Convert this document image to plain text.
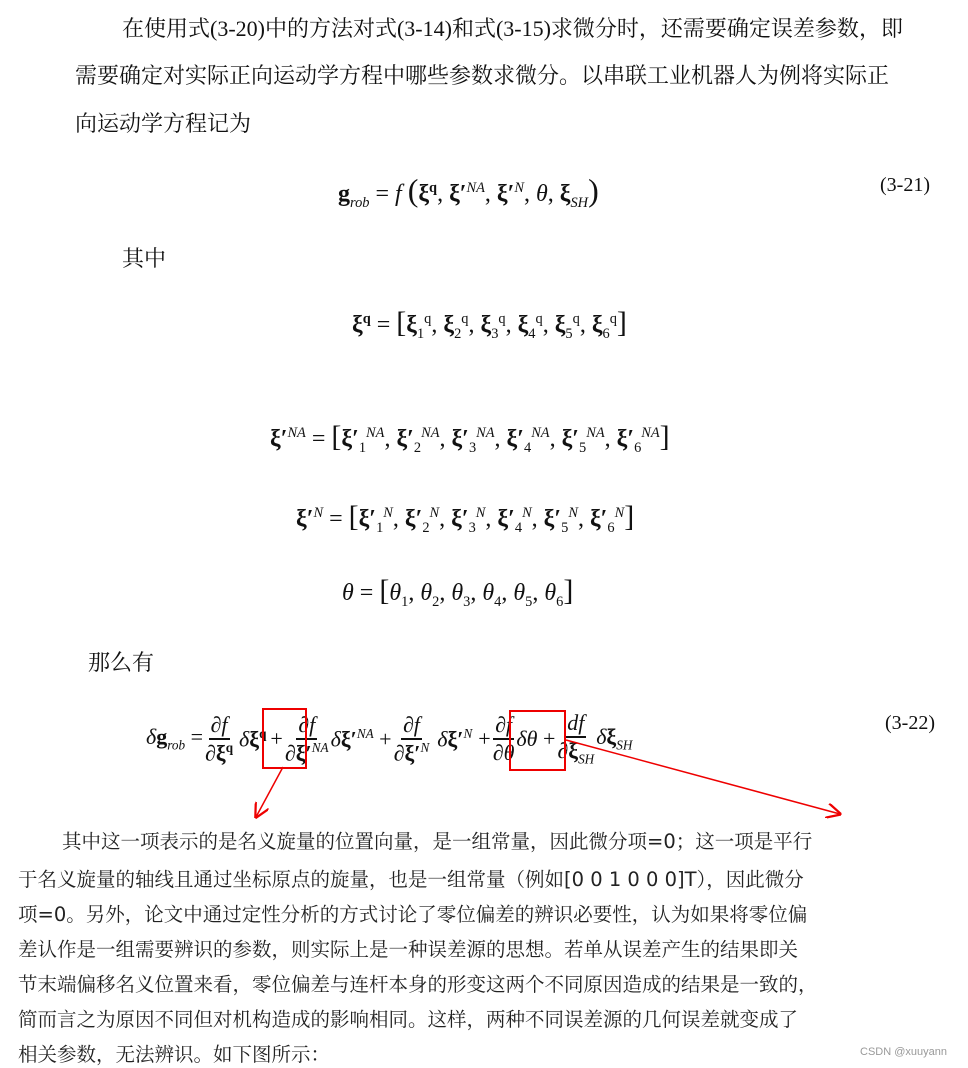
在使用式(3-20)中的方法对式(3-14)和式(3-15)求微分时，还需要确定误差参数，即
需要确定对实际正向运动学方程中哪些参数求微分。以串联工业机器人为例将实际正
向运动学方程记为
$g_{rob} = f$ ($\xi^q$, $\xi'^{NA}$, $\xi'^N$, θ, $\xi_{SH}$)	(3-21)
其中
$\xi^q = [\xi_1^q$, $\xi_2^q$, $\xi_3^q$, $\xi_4^q$, $\xi_5^q$, $\xi_6^q$]
$\xi'^{NA} = [\xi'_1^{NA}$, $\xi'_2^{NA}$, $\xi'_3^{NA}$, $\xi'_4^{NA}$, $\xi'_5^{NA}$, $\xi'_6^{NA}$]
$\xi'^N = [\xi'_1^N$, $\xi'_2^N$, $\xi'_3^N$, $\xi'_4^N$, $\xi'_5^N$, $\xi'_6^N$]
$\theta = [\theta_1$, $\theta_2$, $\theta_3$, $\theta_4$, $\theta_5$, $\theta_6$]
那么有
$\delta g_{rob} = \frac{\partial f}{\partial\xi^q} \delta\xi^q + \frac{\partial f}{\partial\xi'^{NA}} \delta\xi'^{NA} + \frac{\partial f}{\partial\xi'^N} \delta\xi'^N + \frac{\partial f}{\partial\theta}$ $\delta\theta + \frac{df}{\partial\xi_{SH}} \delta\xi_{SH}$
(3-22)
其中这一项表示的是名义旋量的位置向量，是一组常量，因此微分项=0；这一项是平行
于名义旋量的轴线且通过坐标原点的旋量，也是一组常量（例如[0 0 1 0 0 0]T），因此微分
项=0。另外，论文中通过定性分析的方式讨论了零位偏差的辨识必要性，认为如果将零位偏
差认作是一组需要辨识的参数，则实际上是一种误差源的思想。若单从误差产生的结果即关
节末端偏移名义位置来看，零位偏差与连杆本身的形变这两个不同原因造成的结果是一致的，
简而言之为原因不同但对机构造成的影响相同。这样，两种不同误差源的几何误差就变成了
相关参数，无法辨识。如下图所示：	CSDN @xuuyann
